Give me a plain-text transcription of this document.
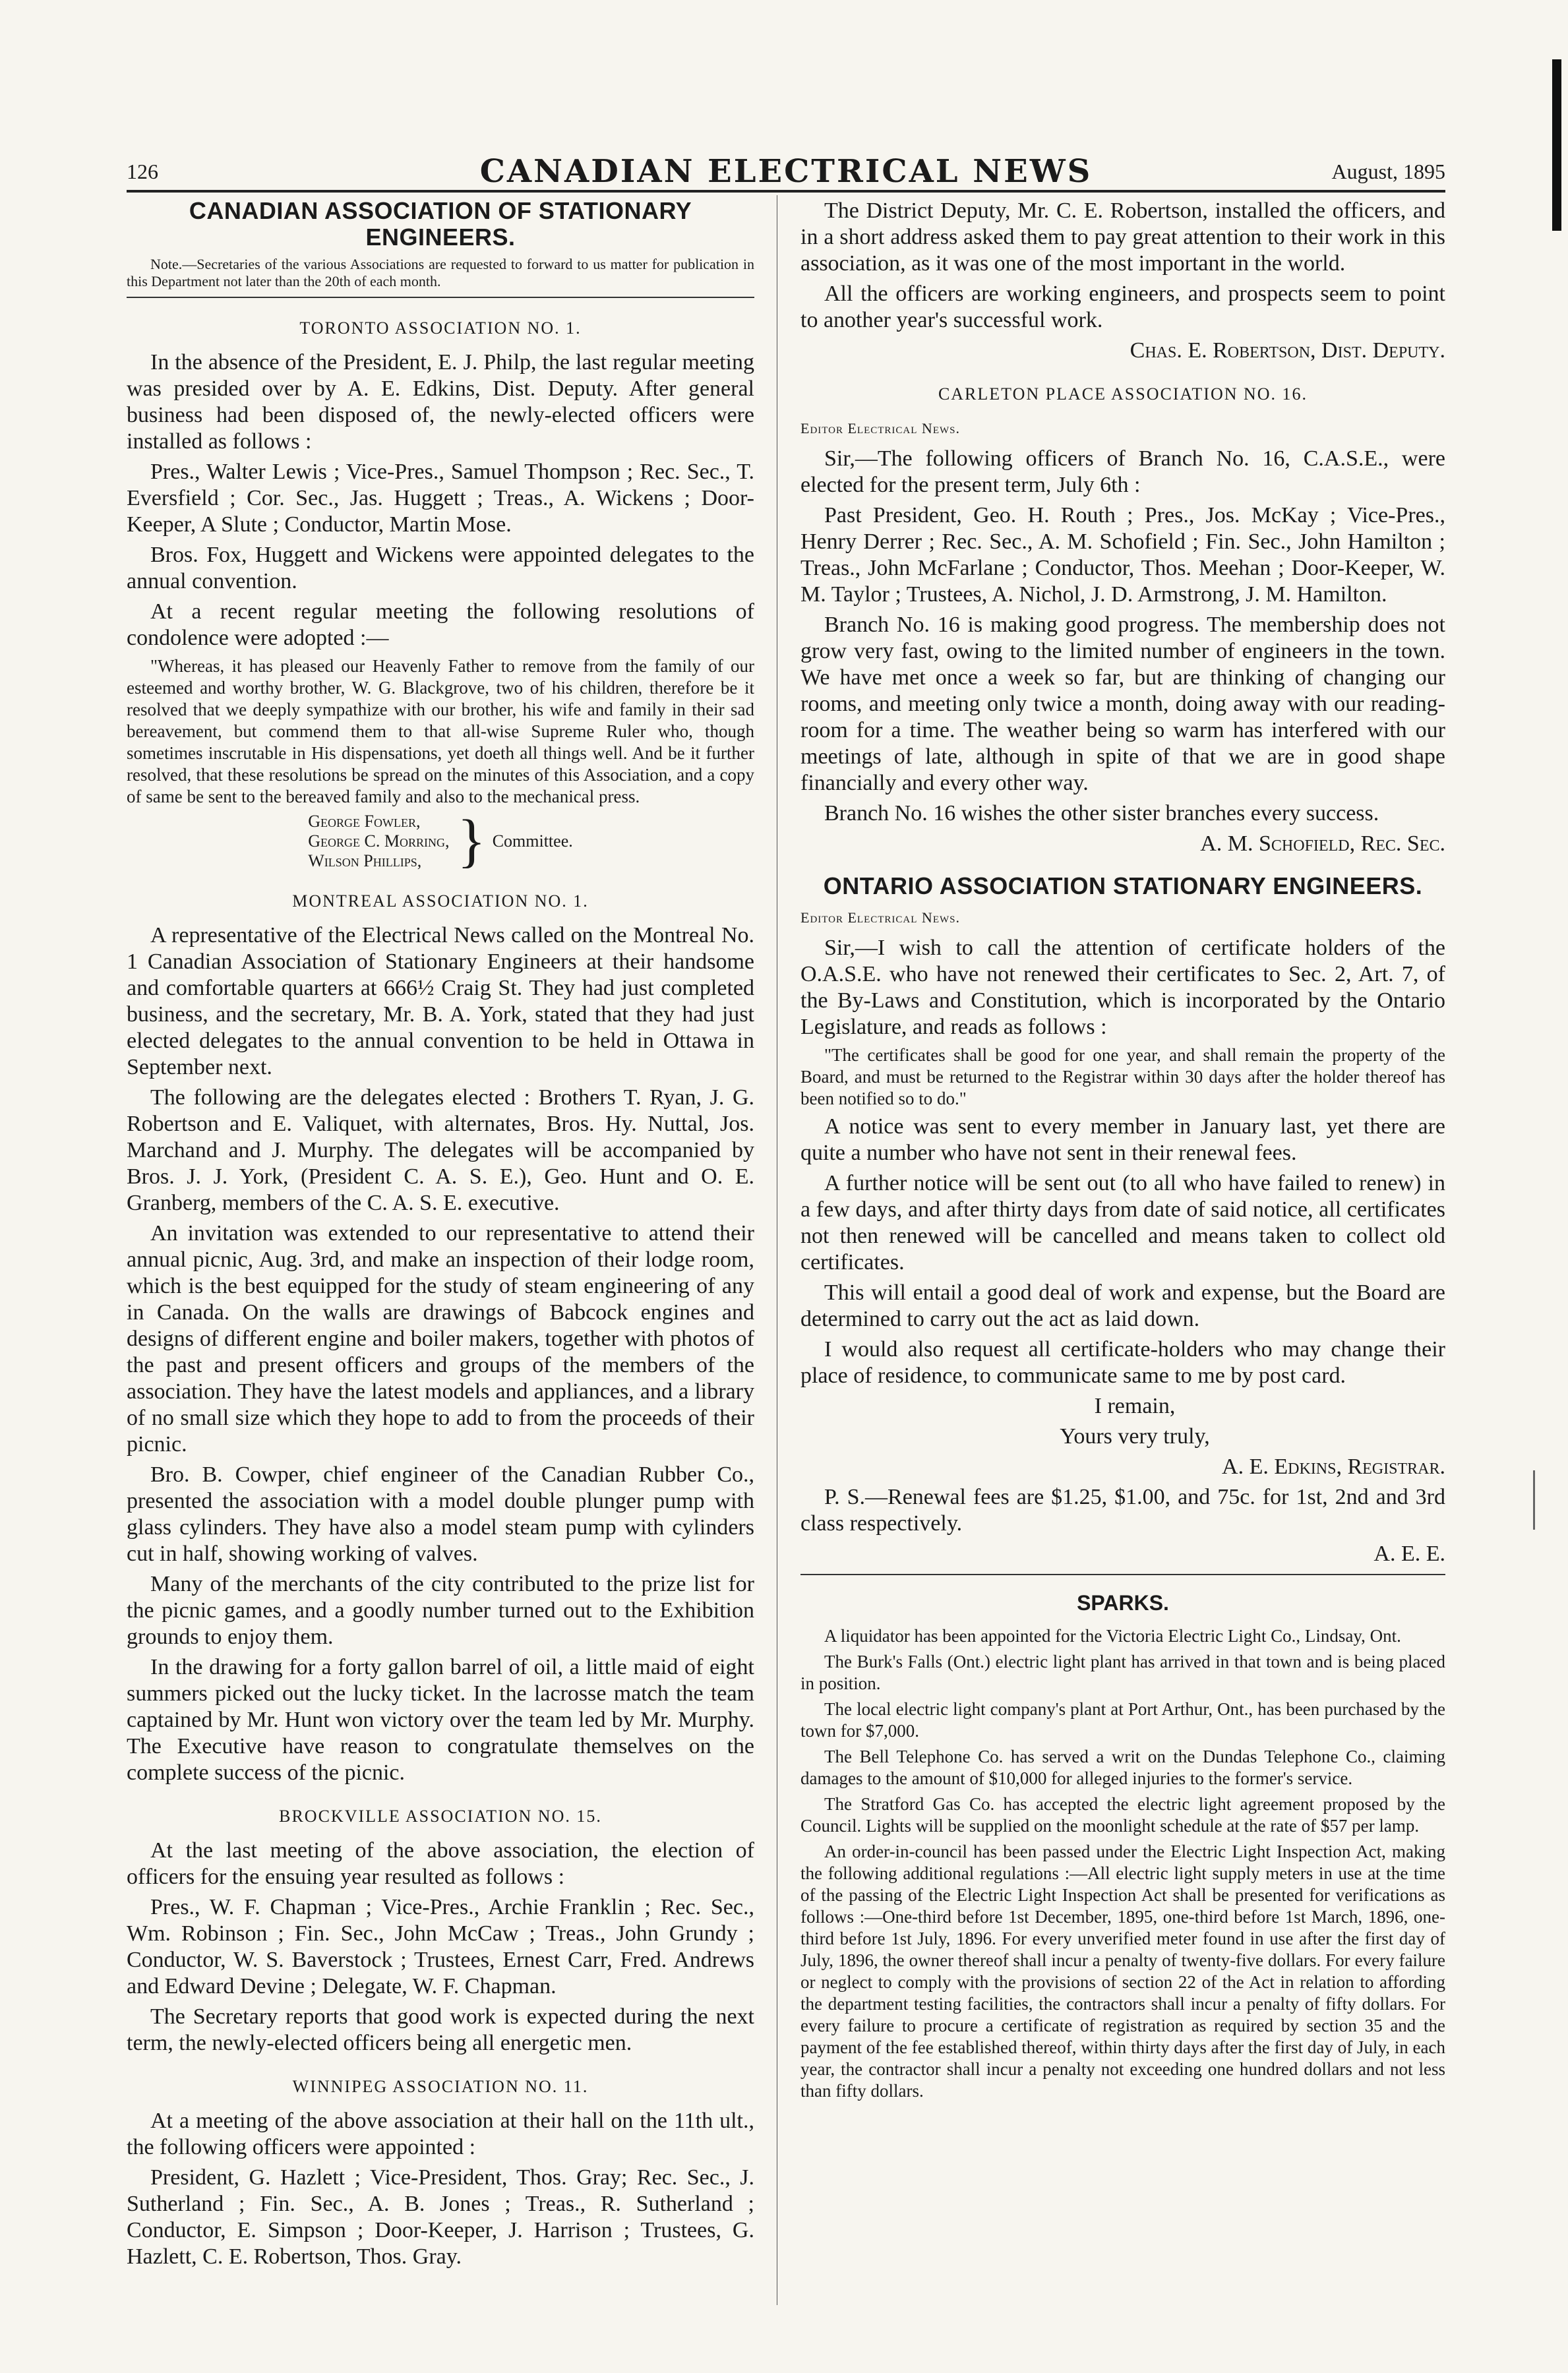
126	CANADIAN ELECTRICAL NEWS	August, 1895
CANADIAN ASSOCIATION OF STATIONARY ENGINEERS.

Note.—Secretaries of the various Associations are requested to forward to us matter for publication in this Department not later than the 20th of each month.

TORONTO ASSOCIATION NO. 1.

In the absence of the President, E. J. Philp, the last regular meeting was presided over by A. E. Edkins, Dist. Deputy. After general business had been disposed of, the newly-elected officers were installed as follows :

Pres., Walter Lewis ; Vice-Pres., Samuel Thompson ; Rec. Sec., T. Eversfield ; Cor. Sec., Jas. Huggett ; Treas., A. Wickens ; Door-Keeper, A Slute ; Conductor, Martin Mose.

Bros. Fox, Huggett and Wickens were appointed delegates to the annual convention.

At a recent regular meeting the following resolutions of condolence were adopted :—

"Whereas, it has pleased our Heavenly Father to remove from the family of our esteemed and worthy brother, W. G. Blackgrove, two of his children, therefore be it resolved that we deeply sympathize with our brother, his wife and family in their sad bereavement, but commend them to that all-wise Supreme Ruler who, though sometimes inscrutable in His dispensations, yet doeth all things well. And be it further resolved, that these resolutions be spread on the minutes of this Association, and a copy of same be sent to the bereaved family and also to the mechanical press.

George Fowler,
George C. Morring,
Wilson Phillips, } Committee.
MONTREAL ASSOCIATION NO. 1.

A representative of the Electrical News called on the Montreal No. 1 Canadian Association of Stationary Engineers at their handsome and comfortable quarters at 666½ Craig St. They had just completed business, and the secretary, Mr. B. A. York, stated that they had just elected delegates to the annual convention to be held in Ottawa in September next.

The following are the delegates elected : Brothers T. Ryan, J. G. Robertson and E. Valiquet, with alternates, Bros. Hy. Nuttal, Jos. Marchand and J. Murphy. The delegates will be accompanied by Bros. J. J. York, (President C. A. S. E.), Geo. Hunt and O. E. Granberg, members of the C. A. S. E. executive.

An invitation was extended to our representative to attend their annual picnic, Aug. 3rd, and make an inspection of their lodge room, which is the best equipped for the study of steam engineering of any in Canada. On the walls are drawings of Babcock engines and designs of different engine and boiler makers, together with photos of the past and present officers and groups of the members of the association. They have the latest models and appliances, and a library of no small size which they hope to add to from the proceeds of their picnic.

Bro. B. Cowper, chief engineer of the Canadian Rubber Co., presented the association with a model double plunger pump with glass cylinders. They have also a model steam pump with cylinders cut in half, showing working of valves.

Many of the merchants of the city contributed to the prize list for the picnic games, and a goodly number turned out to the Exhibition grounds to enjoy them.

In the drawing for a forty gallon barrel of oil, a little maid of eight summers picked out the lucky ticket. In the lacrosse match the team captained by Mr. Hunt won victory over the team led by Mr. Murphy. The Executive have reason to congratulate themselves on the complete success of the picnic.

BROCKVILLE ASSOCIATION NO. 15.

At the last meeting of the above association, the election of officers for the ensuing year resulted as follows :

Pres., W. F. Chapman ; Vice-Pres., Archie Franklin ; Rec. Sec., Wm. Robinson ; Fin. Sec., John McCaw ; Treas., John Grundy ; Conductor, W. S. Baverstock ; Trustees, Ernest Carr, Fred. Andrews and Edward Devine ; Delegate, W. F. Chapman.

The Secretary reports that good work is expected during the next term, the newly-elected officers being all energetic men.

WINNIPEG ASSOCIATION NO. 11.

At a meeting of the above association at their hall on the 11th ult., the following officers were appointed :

President, G. Hazlett ; Vice-President, Thos. Gray; Rec. Sec., J. Sutherland ; Fin. Sec., A. B. Jones ; Treas., R. Sutherland ; Conductor, E. Simpson ; Door-Keeper, J. Harrison ; Trustees, G. Hazlett, C. E. Robertson, Thos. Gray.

The District Deputy, Mr. C. E. Robertson, installed the officers, and in a short address asked them to pay great attention to their work in this association, as it was one of the most important in the world.

All the officers are working engineers, and prospects seem to point to another year's successful work.

Chas. E. Robertson, Dist. Deputy.

CARLETON PLACE ASSOCIATION NO. 16.

Editor Electrical News.

Sir,—The following officers of Branch No. 16, C.A.S.E., were elected for the present term, July 6th :

Past President, Geo. H. Routh ; Pres., Jos. McKay ; Vice-Pres., Henry Derrer ; Rec. Sec., A. M. Schofield ; Fin. Sec., John Hamilton ; Treas., John McFarlane ; Conductor, Thos. Meehan ; Door-Keeper, W. M. Taylor ; Trustees, A. Nichol, J. D. Armstrong, J. M. Hamilton.

Branch No. 16 is making good progress. The membership does not grow very fast, owing to the limited number of engineers in the town. We have met once a week so far, but are thinking of changing our rooms, and meeting only twice a month, doing away with our reading-room for a time. The weather being so warm has interfered with our meetings of late, although in spite of that we are in good shape financially and every other way.

Branch No. 16 wishes the other sister branches every success.

A. M. Schofield, Rec. Sec.

ONTARIO ASSOCIATION STATIONARY ENGINEERS.

Editor Electrical News.

Sir,—I wish to call the attention of certificate holders of the O.A.S.E. who have not renewed their certificates to Sec. 2, Art. 7, of the By-Laws and Constitution, which is incorporated by the Ontario Legislature, and reads as follows :

"The certificates shall be good for one year, and shall remain the property of the Board, and must be returned to the Registrar within 30 days after the holder thereof has been notified so to do."

A notice was sent to every member in January last, yet there are quite a number who have not sent in their renewal fees.

A further notice will be sent out (to all who have failed to renew) in a few days, and after thirty days from date of said notice, all certificates not then renewed will be cancelled and means taken to collect old certificates.

This will entail a good deal of work and expense, but the Board are determined to carry out the act as laid down.

I would also request all certificate-holders who may change their place of residence, to communicate same to me by post card.

I remain,

Yours very truly,

A. E. Edkins, Registrar.

P. S.—Renewal fees are $1.25, $1.00, and 75c. for 1st, 2nd and 3rd class respectively.

A. E. E.

SPARKS.

A liquidator has been appointed for the Victoria Electric Light Co., Lindsay, Ont.

The Burk's Falls (Ont.) electric light plant has arrived in that town and is being placed in position.

The local electric light company's plant at Port Arthur, Ont., has been purchased by the town for $7,000.

The Bell Telephone Co. has served a writ on the Dundas Telephone Co., claiming damages to the amount of $10,000 for alleged injuries to the former's service.

The Stratford Gas Co. has accepted the electric light agreement proposed by the Council. Lights will be supplied on the moonlight schedule at the rate of $57 per lamp.

An order-in-council has been passed under the Electric Light Inspection Act, making the following additional regulations :—All electric light supply meters in use at the time of the passing of the Electric Light Inspection Act shall be presented for verifications as follows :—One-third before 1st December, 1895, one-third before 1st March, 1896, one-third before 1st July, 1896. For every unverified meter found in use after the first day of July, 1896, the owner thereof shall incur a penalty of twenty-five dollars. For every failure or neglect to comply with the provisions of section 22 of the Act in relation to affording the department testing facilities, the contractors shall incur a penalty of fifty dollars. For every failure to procure a certificate of registration as required by section 35 and the payment of the fee established thereof, within thirty days after the first day of July, in each year, the contractor shall incur a penalty not exceeding one hundred dollars and not less than fifty dollars.
